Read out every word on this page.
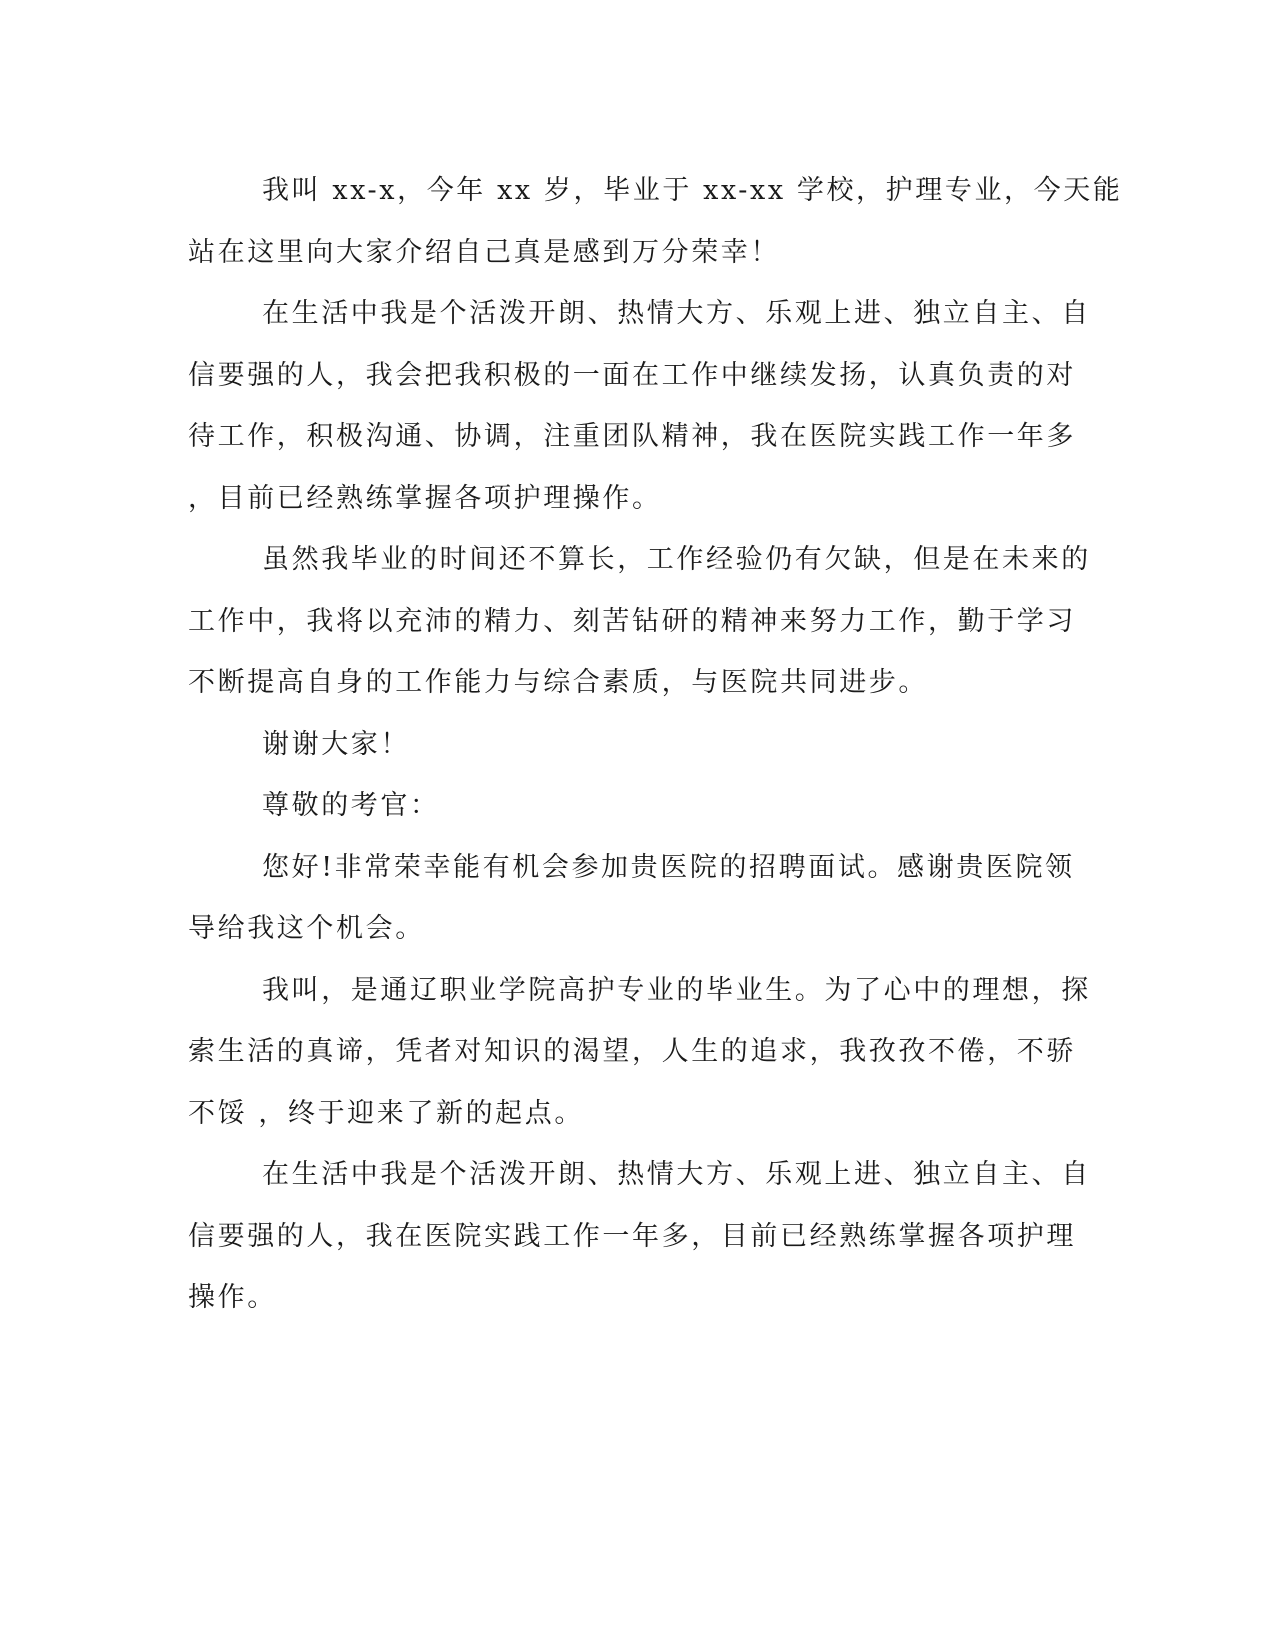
我叫 xx-x，今年 xx 岁，毕业于 xx-xx 学校，护理专业，今天能
站在这里向大家介绍自己真是感到万分荣幸！
在生活中我是个活泼开朗、热情大方、乐观上进、独立自主、自
信要强的人，我会把我积极的一面在工作中继续发扬，认真负责的对
待工作，积极沟通、协调，注重团队精神，我在医院实践工作一年多
，目前已经熟练掌握各项护理操作。
虽然我毕业的时间还不算长，工作经验仍有欠缺，但是在未来的
工作中，我将以充沛的精力、刻苦钻研的精神来努力工作，勤于学习
不断提高自身的工作能力与综合素质，与医院共同进步。
谢谢大家！
尊敬的考官：
您好!非常荣幸能有机会参加贵医院的招聘面试。感谢贵医院领
导给我这个机会。
我叫，是通辽职业学院高护专业的毕业生。为了心中的理想，探
索生活的真谛，凭者对知识的渴望，人生的追求，我孜孜不倦，不骄
不馁 ，终于迎来了新的起点。
在生活中我是个活泼开朗、热情大方、乐观上进、独立自主、自
信要强的人，我在医院实践工作一年多，目前已经熟练掌握各项护理
操作。
